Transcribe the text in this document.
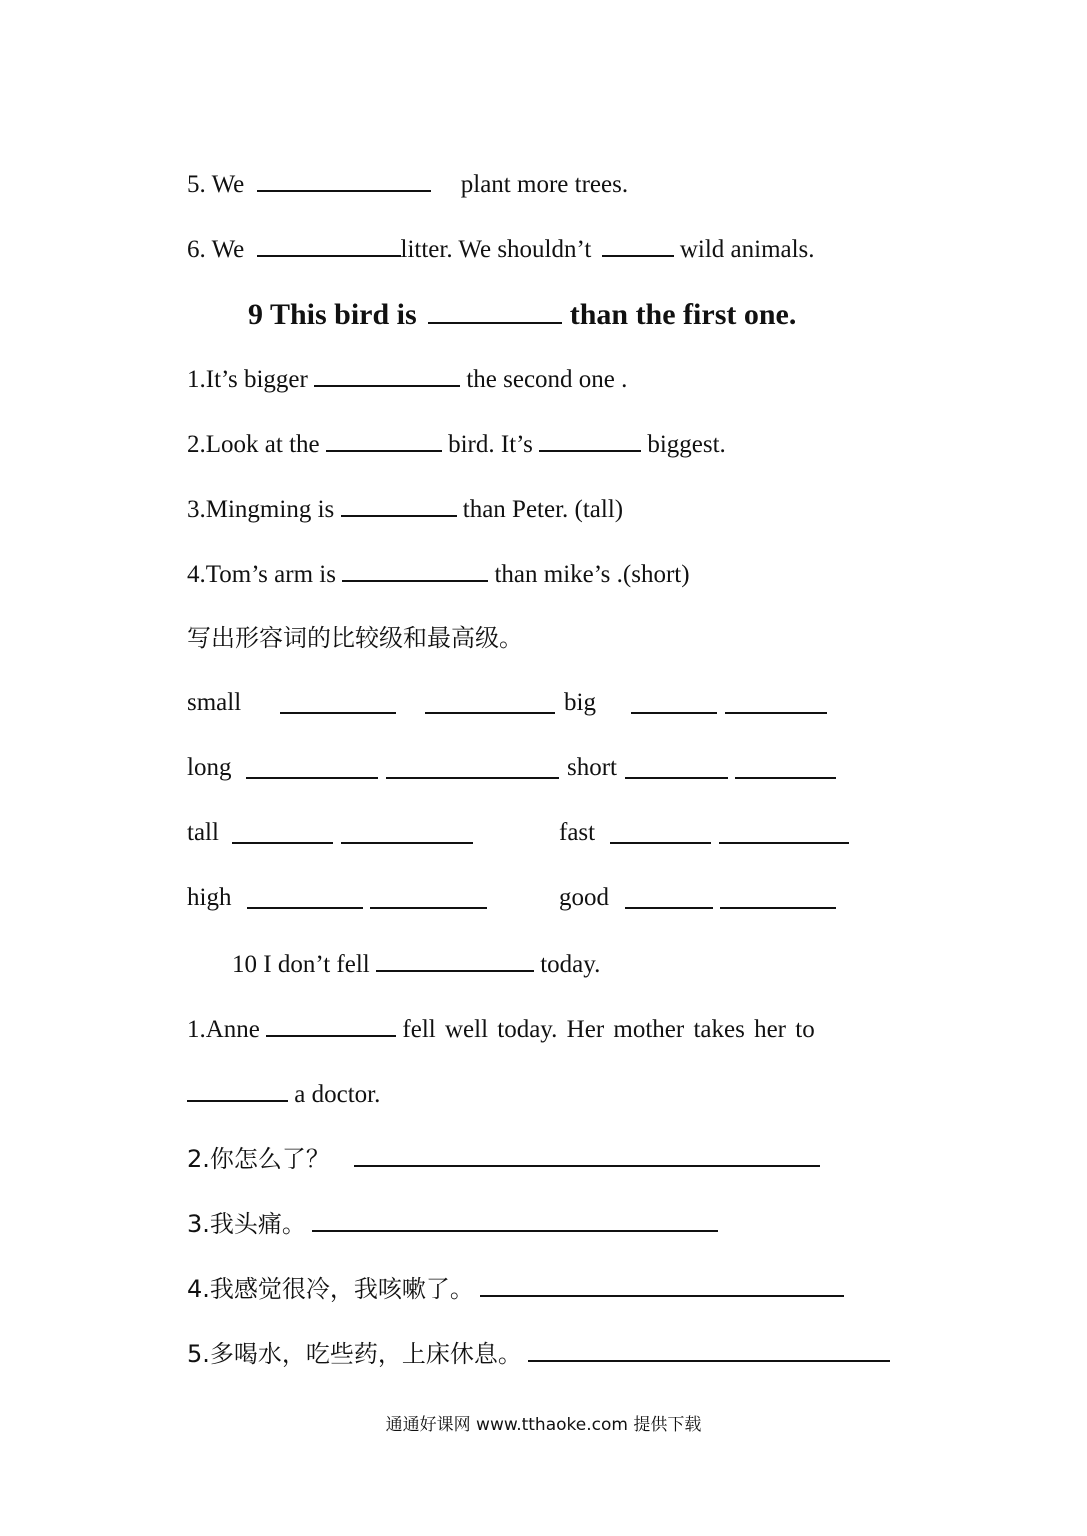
5. We	plant more trees.
6. We	litter. We shouldn’t	wild animals.
9 This bird is	than the first one.
1.It’s bigger	the second one .
2.Look at the	bird. It’s	biggest.
3.Mingming is	than Peter. (tall)
4.Tom’s arm is	than mike’s .(short)
写出形容词的比较级和最高级。
small	big
long	short
tall	fast
high	good
10 I don’t fell	today.
1.Anne	fell well today. Her mother takes her to
a doctor.
2.你怎么了？
3.我头痛。
4.我感觉很冷，我咳嗽了。
5.多喝水，吃些药，上床休息。
通通好课网 www.tthaoke.com 提供下载
